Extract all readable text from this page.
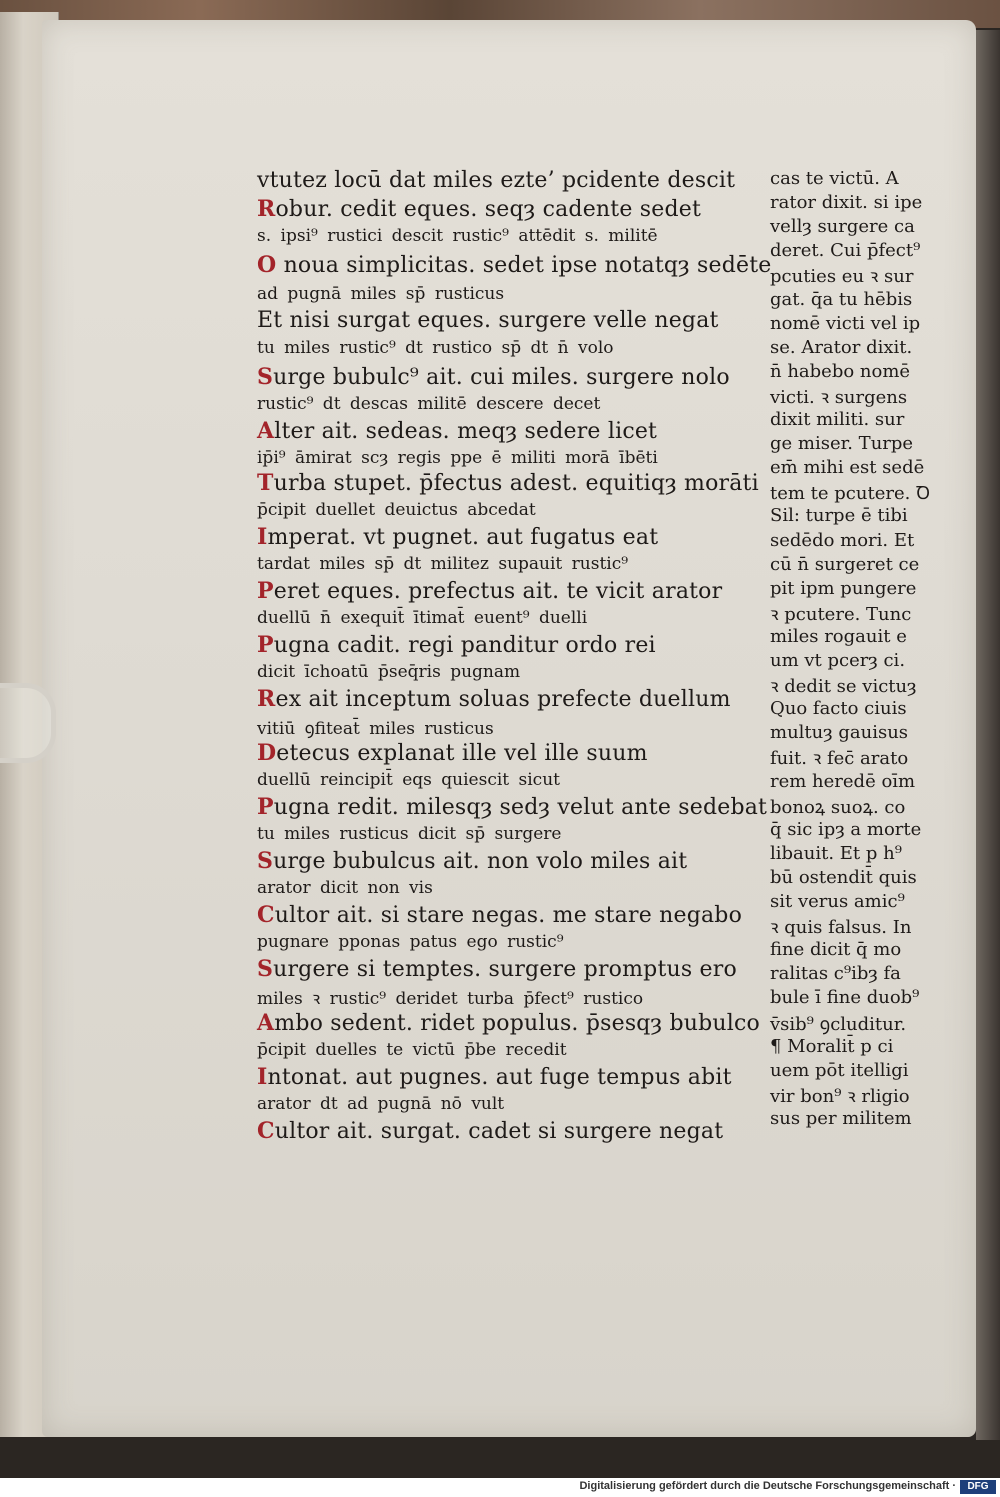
vtutez locū dat miles ezte’ pcidente descit
Robur. cedit eques. seqȝ cadente sedet
s. ipsi⁹ rustici descit rustic⁹ attēdit s. militē
O noua simplicitas. sedet ipse notatqȝ sedēte
ad pugnā miles sp̄ rusticus
Et nisi surgat eques. surgere velle negat
tu miles rustic⁹ dt rustico sp̄ dt n̄ volo
Surge bubulc⁹ ait. cui miles. surgere nolo
rustic⁹ dt descas militē descere decet
Alter ait. sedeas. meqȝ sedere licet
ip̄i⁹ āmirat scȝ regis ppe ē militi morā ībēti
Turba stupet. p̄fectus adest. equitiqȝ morāti
p̄cipit duellet deuictus abcedat
Imperat. vt pugnet. aut fugatus eat
tardat miles sp̄ dt militez supauit rustic⁹
Peret eques. prefectus ait. te vicit arator
duellū n̄ exequit̄ ītimat̄ euent⁹ duelli
Pugna cadit. regi panditur ordo rei
dicit īchoatū p̄seq̄ris pugnam
Rex ait inceptum soluas prefecte duellum
vitiū ꝯfiteat̄ miles rusticus
Detecus explanat ille vel ille suum
duellū reincipit̄ eqs quiescit sicut
Pugna redit. milesqȝ sedȝ velut ante sedebat
tu miles rusticus dicit sp̄ surgere
Surge bubulcus ait. non volo miles ait
arator dicit non vis
Cultor ait. si stare negas. me stare negabo
pugnare pponas patus ego rustic⁹
Surgere si temptes. surgere promptus ero
miles ꝛ rustic⁹ deridet turba p̄fect⁹ rustico
Ambo sedent. ridet populus. p̄sesqȝ bubulco
p̄cipit duelles te victū p̄be recedit
Intonat. aut pugnes. aut fuge tempus abit
arator dt ad pugnā nō vult
Cultor ait. surgat. cadet si surgere negat
cas te victū. A
rator dixit. si ipe
vellȝ surgere ca
deret. Cui p̄fect⁹
pcuties eu ꝛ sur
gat. q̄a tu hēbis
nomē victi vel ip
se. Arator dixit.
n̄ habebo nomē
victi. ꝛ surgens
dixit militi. sur
ge miser. Turpe
em̄ mihi est sedē
tem te pcutere. Ꝺ
Sil: turpe ē tibi
sedēdo mori. Et
cū n̄ surgeret ce
pit ipm pungere
ꝛ pcutere. Tunc
miles rogauit e
um vt pcerȝ ci.
ꝛ dedit se victuȝ
Quo facto ciuis
multuȝ gauisus
fuit. ꝛ fec̄ arato
rem heredē oīm
bonoꝝ suoꝝ. co
q̄ sic ipȝ a morte
libauit. Et p h⁹
bū ostendit̄ quis
sit verus amic⁹
ꝛ quis falsus. In
fine dicit q̄ mo
ralitas c⁹ibȝ fa
bule ī fine duob⁹
v̄sib⁹ ꝯcluditur.
¶ Moralit̄ p ci
uem pōt itelligi
vir bon⁹ ꝛ rligio
sus per militem
Digitalisierung gefördert durch die Deutsche Forschungsgemeinschaft ·	DFG
